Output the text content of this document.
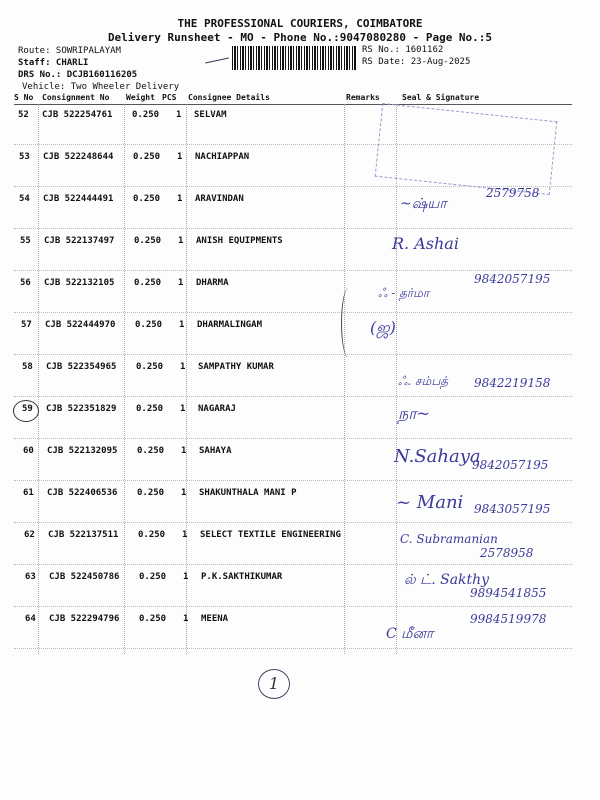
THE PROFESSIONAL COURIERS, COIMBATORE
Delivery Runsheet - MO - Phone No.:9047080280 - Page No.:5
Route: SOWRIPALAYAM
Staff: CHARLI
DRS No.: DCJB160116205
Vehicle: Two Wheeler Delivery
RS No.: 1601162
RS Date: 23-Aug-2025
S No Consignment No Weight PCS Consignee Details	Remarks	Seal & Signature
52 CJB 522254761 0.250 1 SELVAM
53 CJB 522248644 0.250 1 NACHIAPPAN
54 CJB 522444491 0.250 1 ARAVINDAN
55 CJB 522137497 0.250 1 ANISH EQUIPMENTS
56 CJB 522132105 0.250 1 DHARMA
57 CJB 522444970 0.250 1 DHARMALINGAM
58 CJB 522354965 0.250 1 SAMPATHY KUMAR
59 CJB 522351829 0.250 1 NAGARAJ
60 CJB 522132095 0.250 1 SAHAYA
61 CJB 522406536 0.250 1 SHAKUNTHALA MANI P
62 CJB 522137511 0.250 1 SELECT TEXTILE ENGINEERING
63 CJB 522450786 0.250 1 P.K.SAKTHIKUMAR
64 CJB 522294796 0.250 1 MEENA
~ஷ்யா
2579758
R. Ashai
ஃ - தர்மா
9842057195
(ஜ)
ஃ. சம்பத் 9842219158
நா~
N.Sahaya
9842057195
~ Mani 9843057195
C. Subramanian
2578958
ல் ட். Sakthy
9894541855
9984519978
C மீனா
1
